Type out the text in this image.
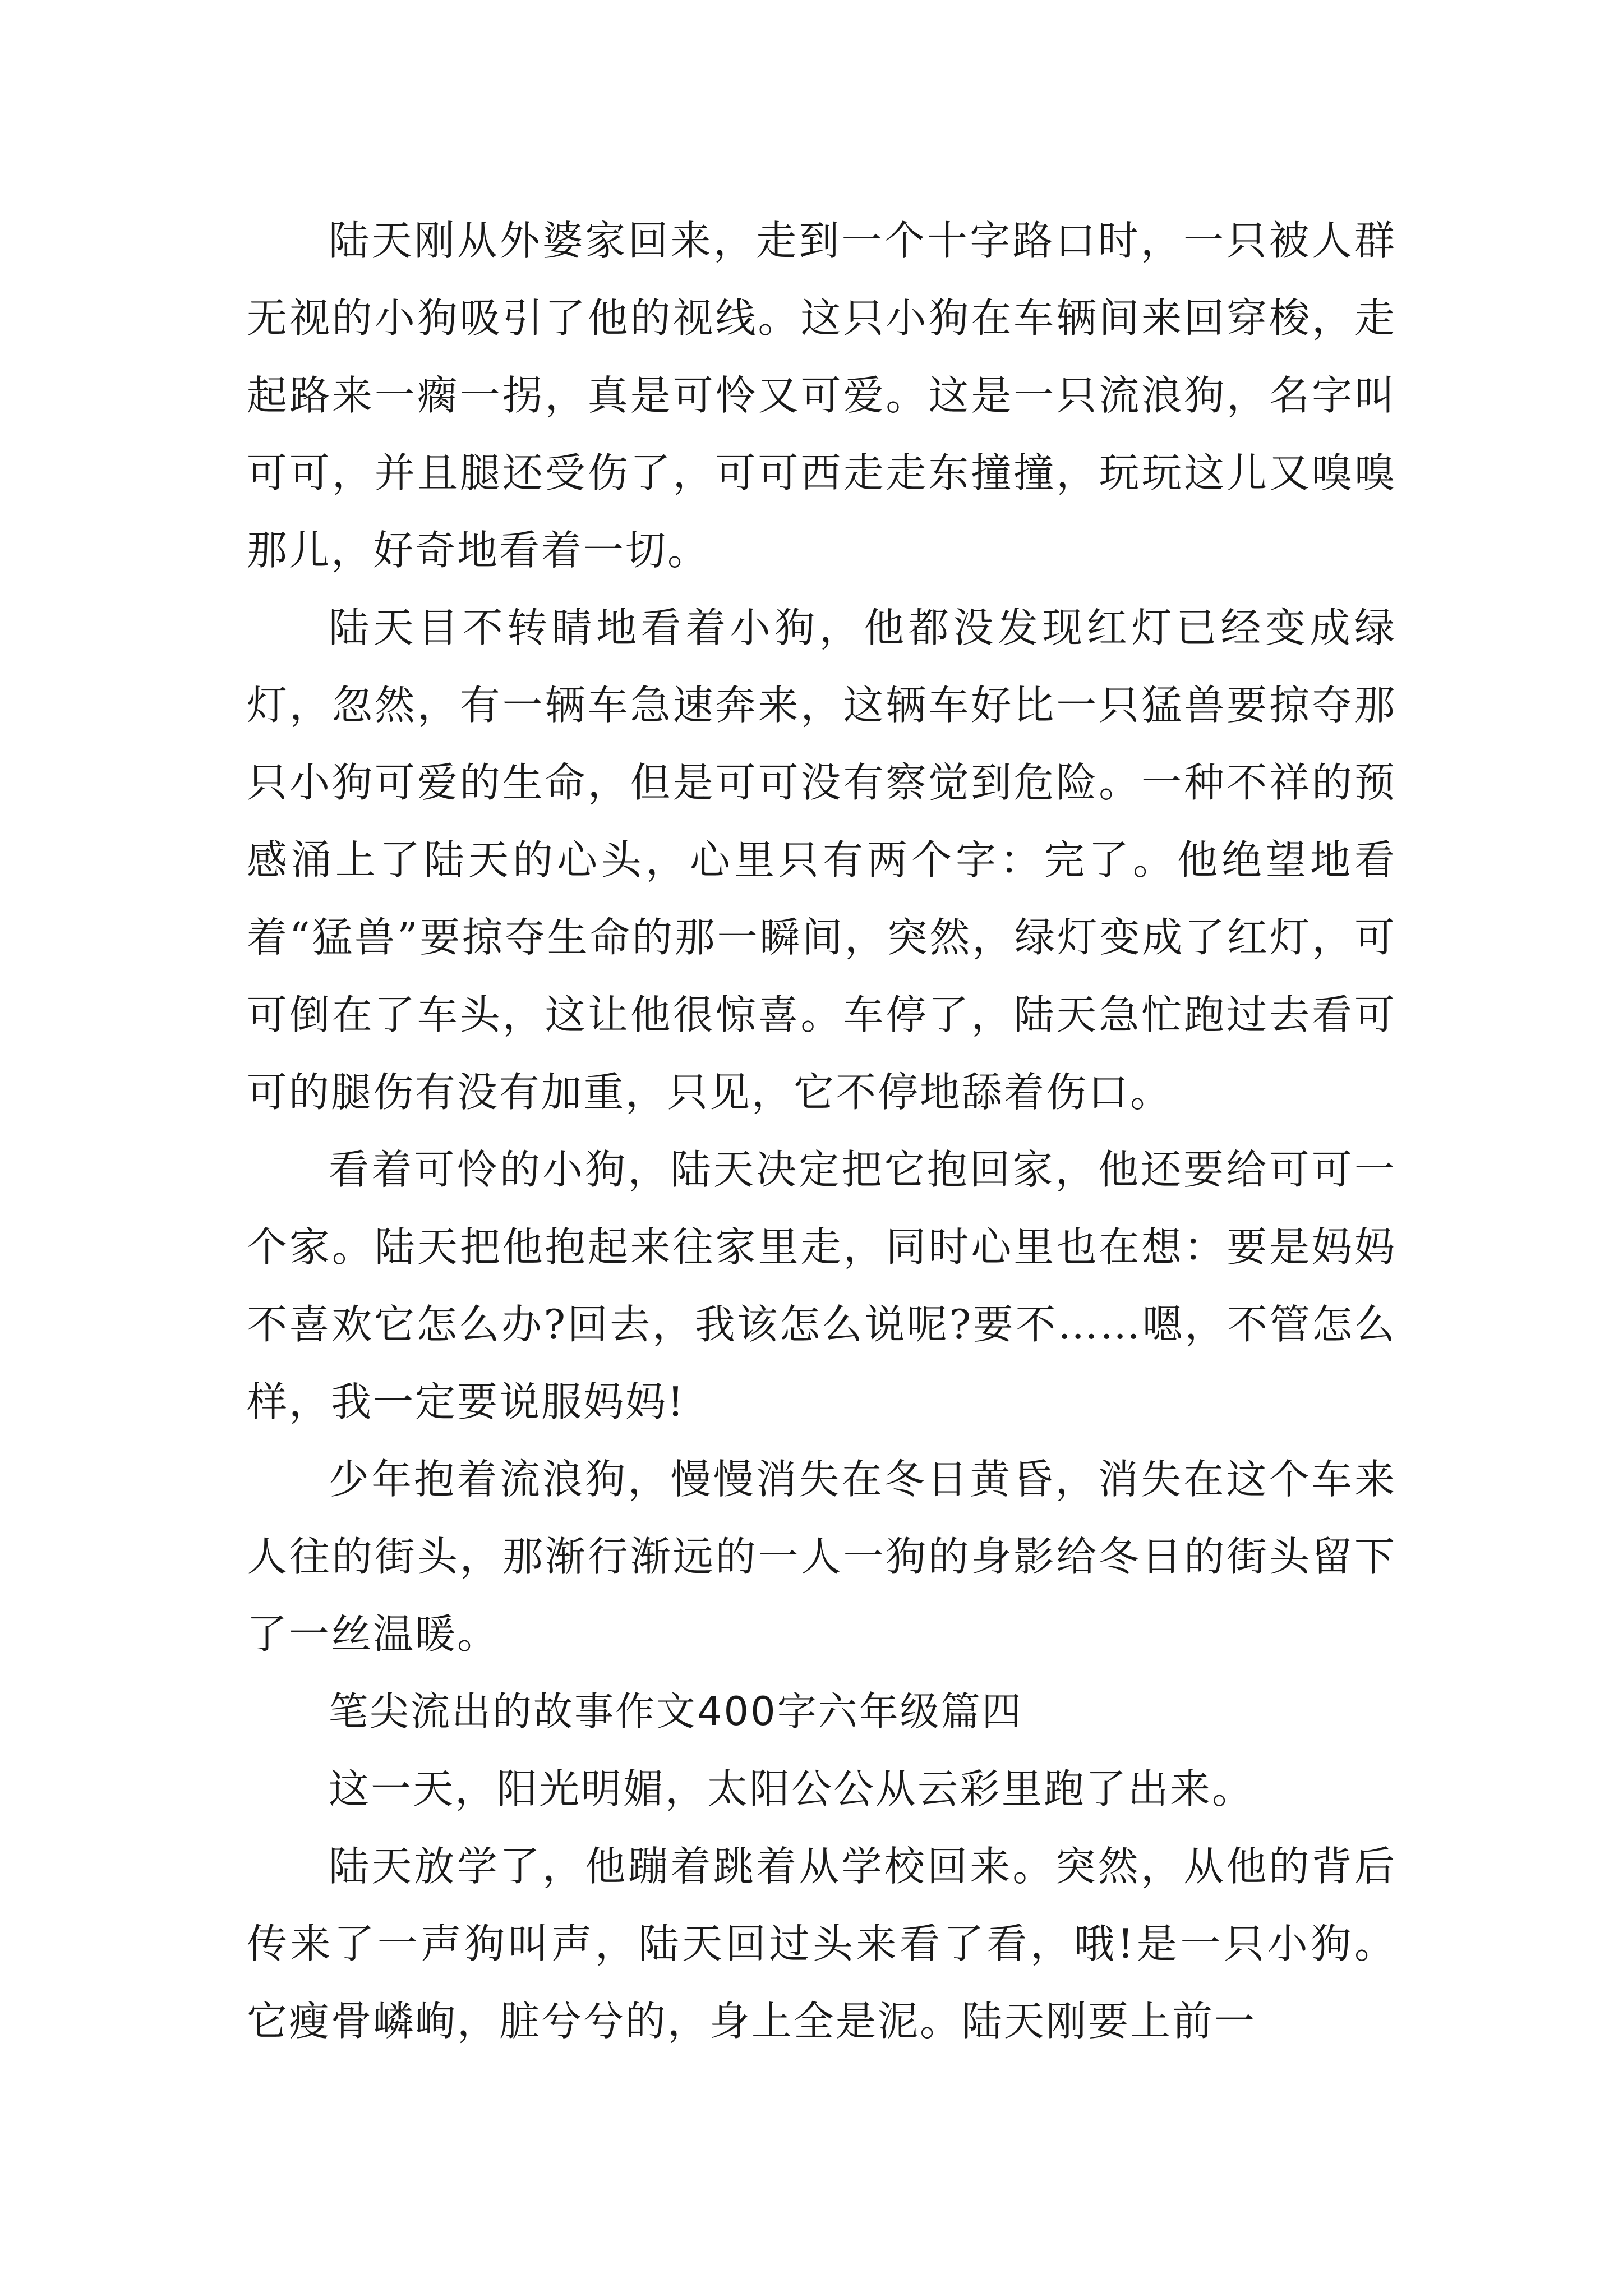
陆天刚从外婆家回来，走到一个十字路口时，一只被人群无视的小狗吸引了他的视线。这只小狗在车辆间来回穿梭，走起路来一瘸一拐，真是可怜又可爱。这是一只流浪狗，名字叫可可，并且腿还受伤了，可可西走走东撞撞，玩玩这儿又嗅嗅那儿，好奇地看着一切。

陆天目不转睛地看着小狗，他都没发现红灯已经变成绿灯，忽然，有一辆车急速奔来，这辆车好比一只猛兽要掠夺那只小狗可爱的生命，但是可可没有察觉到危险。一种不祥的预感涌上了陆天的心头，心里只有两个字：完了。他绝望地看着“猛兽”要掠夺生命的那一瞬间，突然，绿灯变成了红灯，可可倒在了车头，这让他很惊喜。车停了，陆天急忙跑过去看可可的腿伤有没有加重，只见，它不停地舔着伤口。

看着可怜的小狗，陆天决定把它抱回家，他还要给可可一个家。陆天把他抱起来往家里走，同时心里也在想：要是妈妈不喜欢它怎么办?回去，我该怎么说呢?要不……嗯，不管怎么样，我一定要说服妈妈!

少年抱着流浪狗，慢慢消失在冬日黄昏，消失在这个车来人往的街头，那渐行渐远的一人一狗的身影给冬日的街头留下了一丝温暖。

笔尖流出的故事作文400字六年级篇四

这一天，阳光明媚，太阳公公从云彩里跑了出来。

陆天放学了，他蹦着跳着从学校回来。突然，从他的背后传来了一声狗叫声，陆天回过头来看了看，哦!是一只小狗。它瘦骨嶙峋，脏兮兮的，身上全是泥。陆天刚要上前一
